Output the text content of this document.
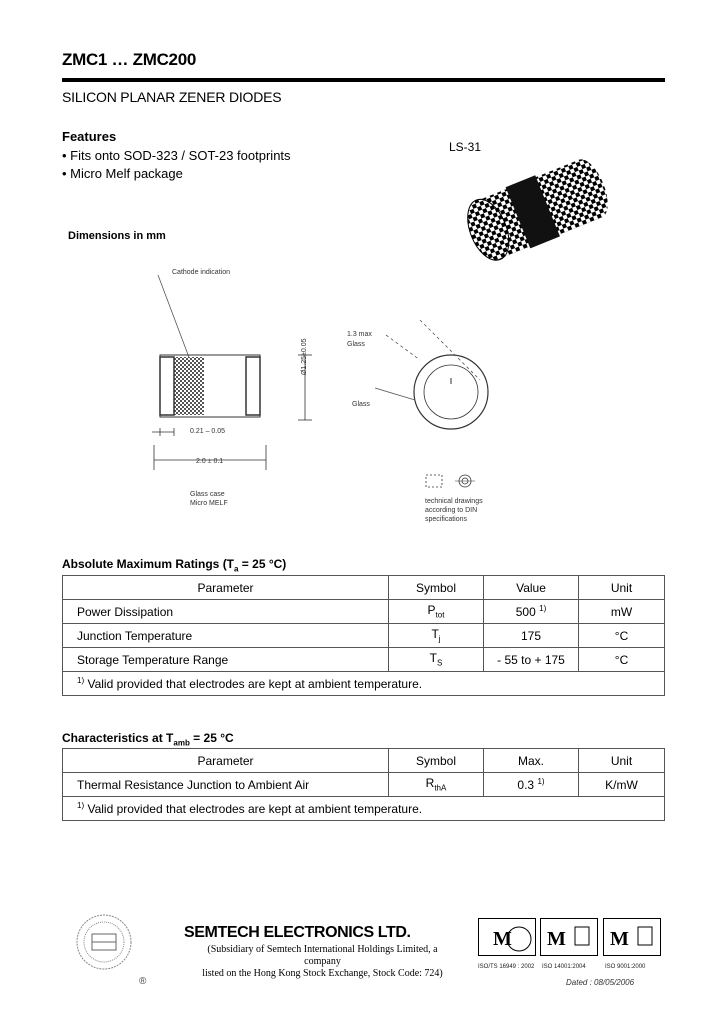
ZMC1 … ZMC200
SILICON PLANAR ZENER DIODES
Features
• Fits onto SOD-323 / SOT-23 footprints
• Micro Melf package
LS-31
Dimensions in mm
Cathode indication
0.21 – 0.05
2.0 ± 0.1
Ø1.25±0.05
1.3 max
Glass
Glass
Glass case
Micro MELF	technical drawings
according to DIN
specifications
Absolute Maximum Ratings ($T_a = 25$ °C)
Parameter	Symbol	Value	Unit
Power Dissipation	$P_{tot}$	500 $^{1)}$	mW
Junction Temperature	$T_j$	175	°C
Storage Temperature Range	$T_S$	- 55 to + 175	°C
$^{1)}$ Valid provided that electrodes are kept at ambient temperature.			
Characteristics at $T_{amb} = 25$ °C
Parameter	Symbol	Max.	Unit
Thermal Resistance Junction to Ambient Air	$R_{thA}$	0.3 $^{1)}$	K/mW
$^{1)}$ Valid provided that electrodes are kept at ambient temperature.			
®
SEMTECH ELECTRONICS LTD.
(Subsidiary of Semtech International Holdings Limited, a company
listed on the Hong Kong Stock Exchange, Stock Code: 724)
M M M
ISO/TS 16949 : 2002 ISO 14001:2004	ISO 9001:2000
Dated : 08/05/2006
